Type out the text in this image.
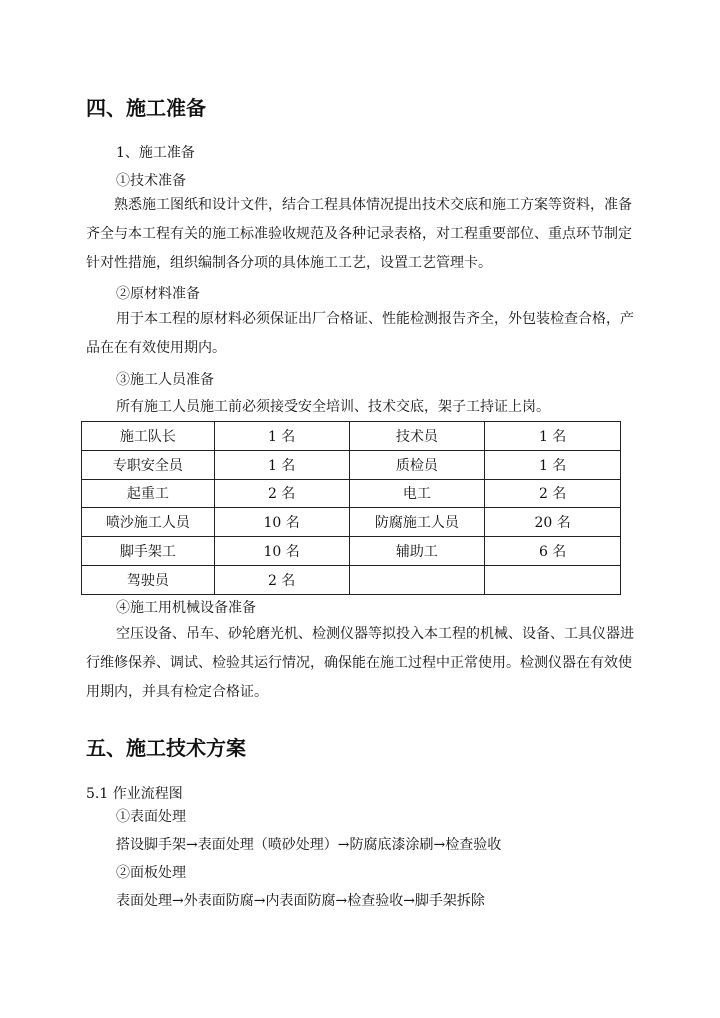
四、施工准备
1、施工准备
①技术准备
熟悉施工图纸和设计文件，结合工程具体情况提出技术交底和施工方案等资料，准备齐全与本工程有关的施工标准验收规范及各种记录表格，对工程重要部位、重点环节制定针对性措施，组织编制各分项的具体施工工艺，设置工艺管理卡。
②原材料准备
用于本工程的原材料必须保证出厂合格证、性能检测报告齐全，外包装检查合格，产品在在有效使用期内。
③施工人员准备
所有施工人员施工前必须接受安全培训、技术交底，架子工持证上岗。
施工队长	1 名	技术员	1 名
专职安全员	1 名	质检员	1 名
起重工	2 名	电工	2 名
喷沙施工人员	10 名	防腐施工人员	20 名
脚手架工	10 名	辅助工	6 名
驾驶员	2 名		
④施工用机械设备准备
空压设备、吊车、砂轮磨光机、检测仪器等拟投入本工程的机械、设备、工具仪器进行维修保养、调试、检验其运行情况，确保能在施工过程中正常使用。检测仪器在有效使用期内，并具有检定合格证。
五、施工技术方案
5.1 作业流程图
①表面处理
搭设脚手架→表面处理（喷砂处理）→防腐底漆涂刷→检查验收
②面板处理
表面处理→外表面防腐→内表面防腐→检查验收→脚手架拆除
